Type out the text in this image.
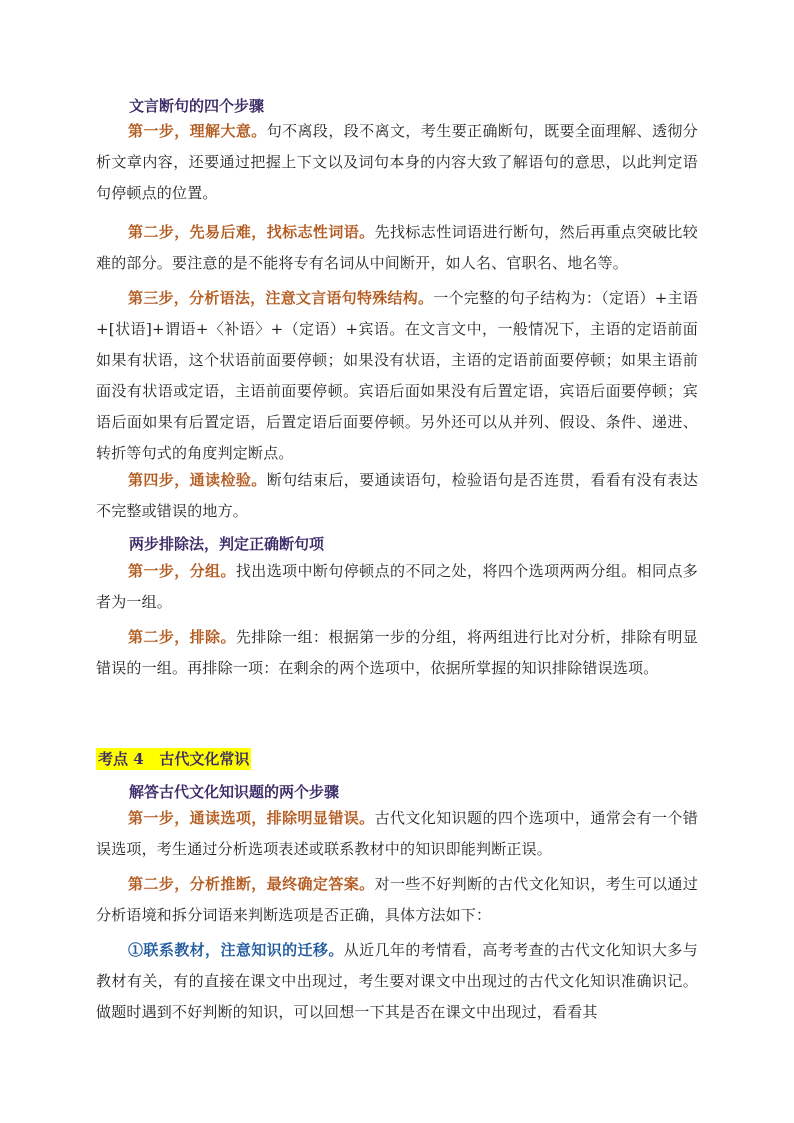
文言断句的四个步骤
第一步，理解大意。句不离段，段不离文，考生要正确断句，既要全面理解、透彻分析文章内容，还要通过把握上下文以及词句本身的内容大致了解语句的意思，以此判定语句停顿点的位置。
第二步，先易后难，找标志性词语。先找标志性词语进行断句，然后再重点突破比较难的部分。要注意的是不能将专有名词从中间断开，如人名、官职名、地名等。
第三步，分析语法，注意文言语句特殊结构。一个完整的句子结构为：（定语）+主语+[状语]+谓语+〈补语〉+（定语）+宾语。在文言文中，一般情况下，主语的定语前面如果有状语，这个状语前面要停顿；如果没有状语，主语的定语前面要停顿；如果主语前面没有状语或定语，主语前面要停顿。宾语后面如果没有后置定语，宾语后面要停顿；宾语后面如果有后置定语，后置定语后面要停顿。另外还可以从并列、假设、条件、递进、转折等句式的角度判定断点。
第四步，通读检验。断句结束后，要通读语句，检验语句是否连贯，看看有没有表达不完整或错误的地方。
两步排除法，判定正确断句项
第一步，分组。找出选项中断句停顿点的不同之处，将四个选项两两分组。相同点多者为一组。
第二步，排除。先排除一组：根据第一步的分组，将两组进行比对分析，排除有明显错误的一组。再排除一项：在剩余的两个选项中，依据所掌握的知识排除错误选项。
考点 4 古代文化常识
解答古代文化知识题的两个步骤
第一步，通读选项，排除明显错误。古代文化知识题的四个选项中，通常会有一个错误选项，考生通过分析选项表述或联系教材中的知识即能判断正误。
第二步，分析推断，最终确定答案。对一些不好判断的古代文化知识，考生可以通过分析语境和拆分词语来判断选项是否正确，具体方法如下：
①联系教材，注意知识的迁移。从近几年的考情看，高考考查的古代文化知识大多与教材有关，有的直接在课文中出现过，考生要对课文中出现过的古代文化知识准确识记。做题时遇到不好判断的知识，可以回想一下其是否在课文中出现过，看看其
